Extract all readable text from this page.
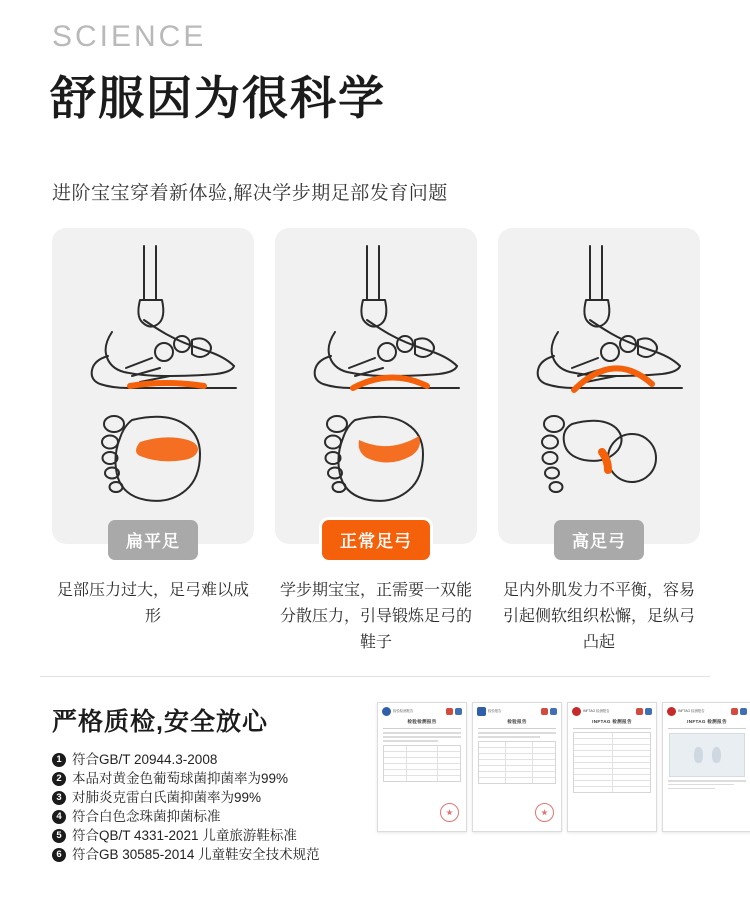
SCIENCE
舒服因为很科学
进阶宝宝穿着新体验,解决学步期足部发育问题
扁平足
足部压力过大，足弓难以成形
正常足弓
学步期宝宝，正需要一双能分散压力，引导锻炼足弓的鞋子
高足弓
足内外肌发力不平衡，容易引起侧软组织松懈，足纵弓凸起
严格质检,安全放心
1 符合GB/T 20944.3-2008
2 本品对黄金色葡萄球菌抑菌率为99%
3 对肺炎克雷白氏菌抑菌率为99%
4 符合白色念珠菌抑菌标准
5 符合QB/T 4331-2021 儿童旅游鞋标准
6 符合GB 30585-2014 儿童鞋安全技术规范
检验检测报告
检验检测报告
检验报告
检验报告
INFTAG 检测报告
INFTAG 检测报告
INFTAG 检测报告
INFTAG 检测报告
